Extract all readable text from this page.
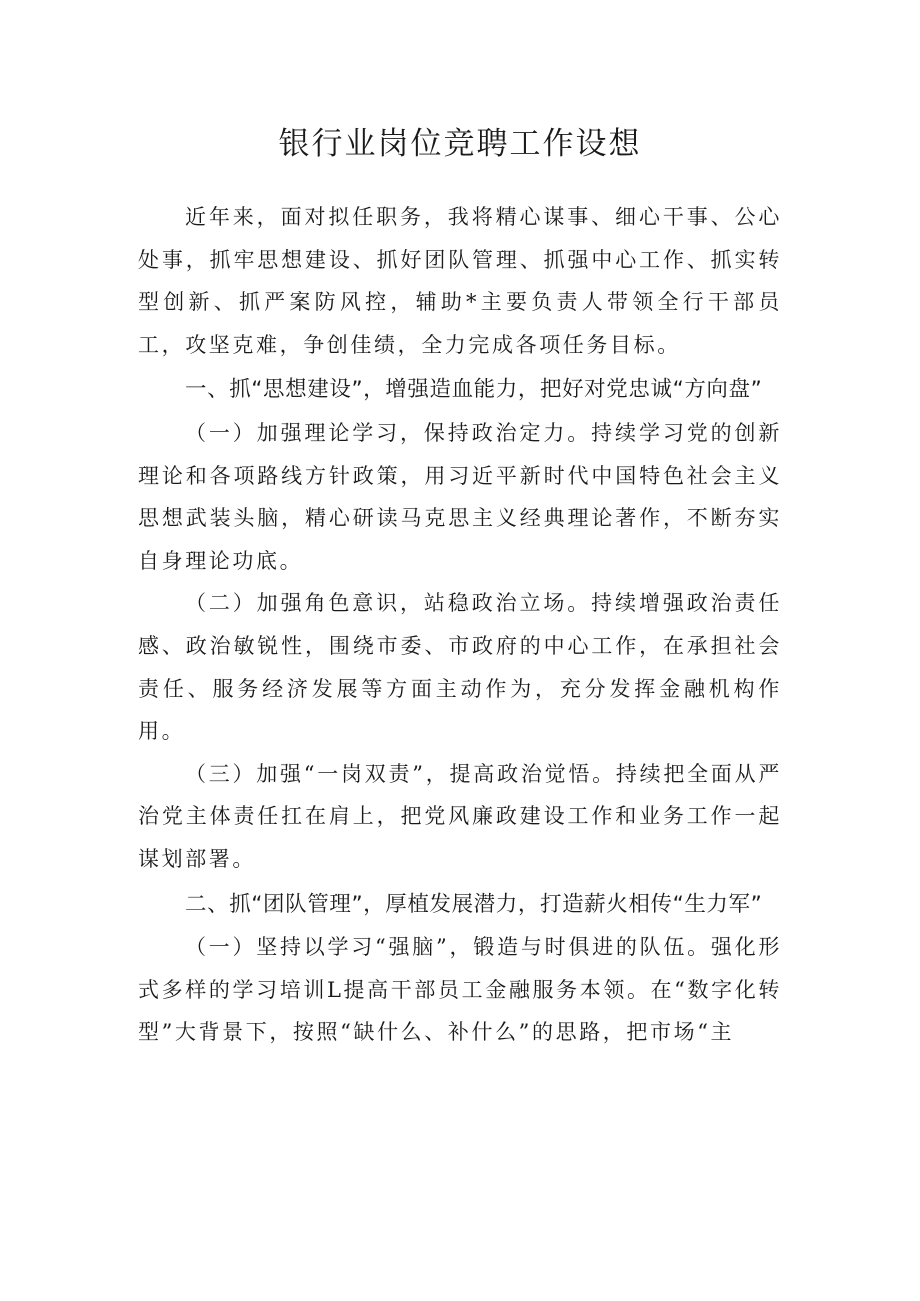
银行业岗位竞聘工作设想

近年来，面对拟任职务，我将精心谋事、细心干事、公心处事，抓牢思想建设、抓好团队管理、抓强中心工作、抓实转型创新、抓严案防风控，辅助*主要负责人带领全行干部员工，攻坚克难，争创佳绩，全力完成各项任务目标。

一、抓“思想建设”，增强造血能力，把好对党忠诚“方向盘”

（一）加强理论学习，保持政治定力。持续学习党的创新理论和各项路线方针政策，用习近平新时代中国特色社会主义思想武装头脑，精心研读马克思主义经典理论著作，不断夯实自身理论功底。

（二）加强角色意识，站稳政治立场。持续增强政治责任感、政治敏锐性，围绕市委、市政府的中心工作，在承担社会责任、服务经济发展等方面主动作为，充分发挥金融机构作用。

（三）加强“一岗双责”，提高政治觉悟。持续把全面从严治党主体责任扛在肩上，把党风廉政建设工作和业务工作一起谋划部署。

二、抓“团队管理”，厚植发展潜力，打造薪火相传“生力军”

（一）坚持以学习“强脑”，锻造与时俱进的队伍。强化形式多样的学习培训L提高干部员工金融服务本领。在“数字化转型”大背景下，按照“缺什么、补什么”的思路，把市场“主
